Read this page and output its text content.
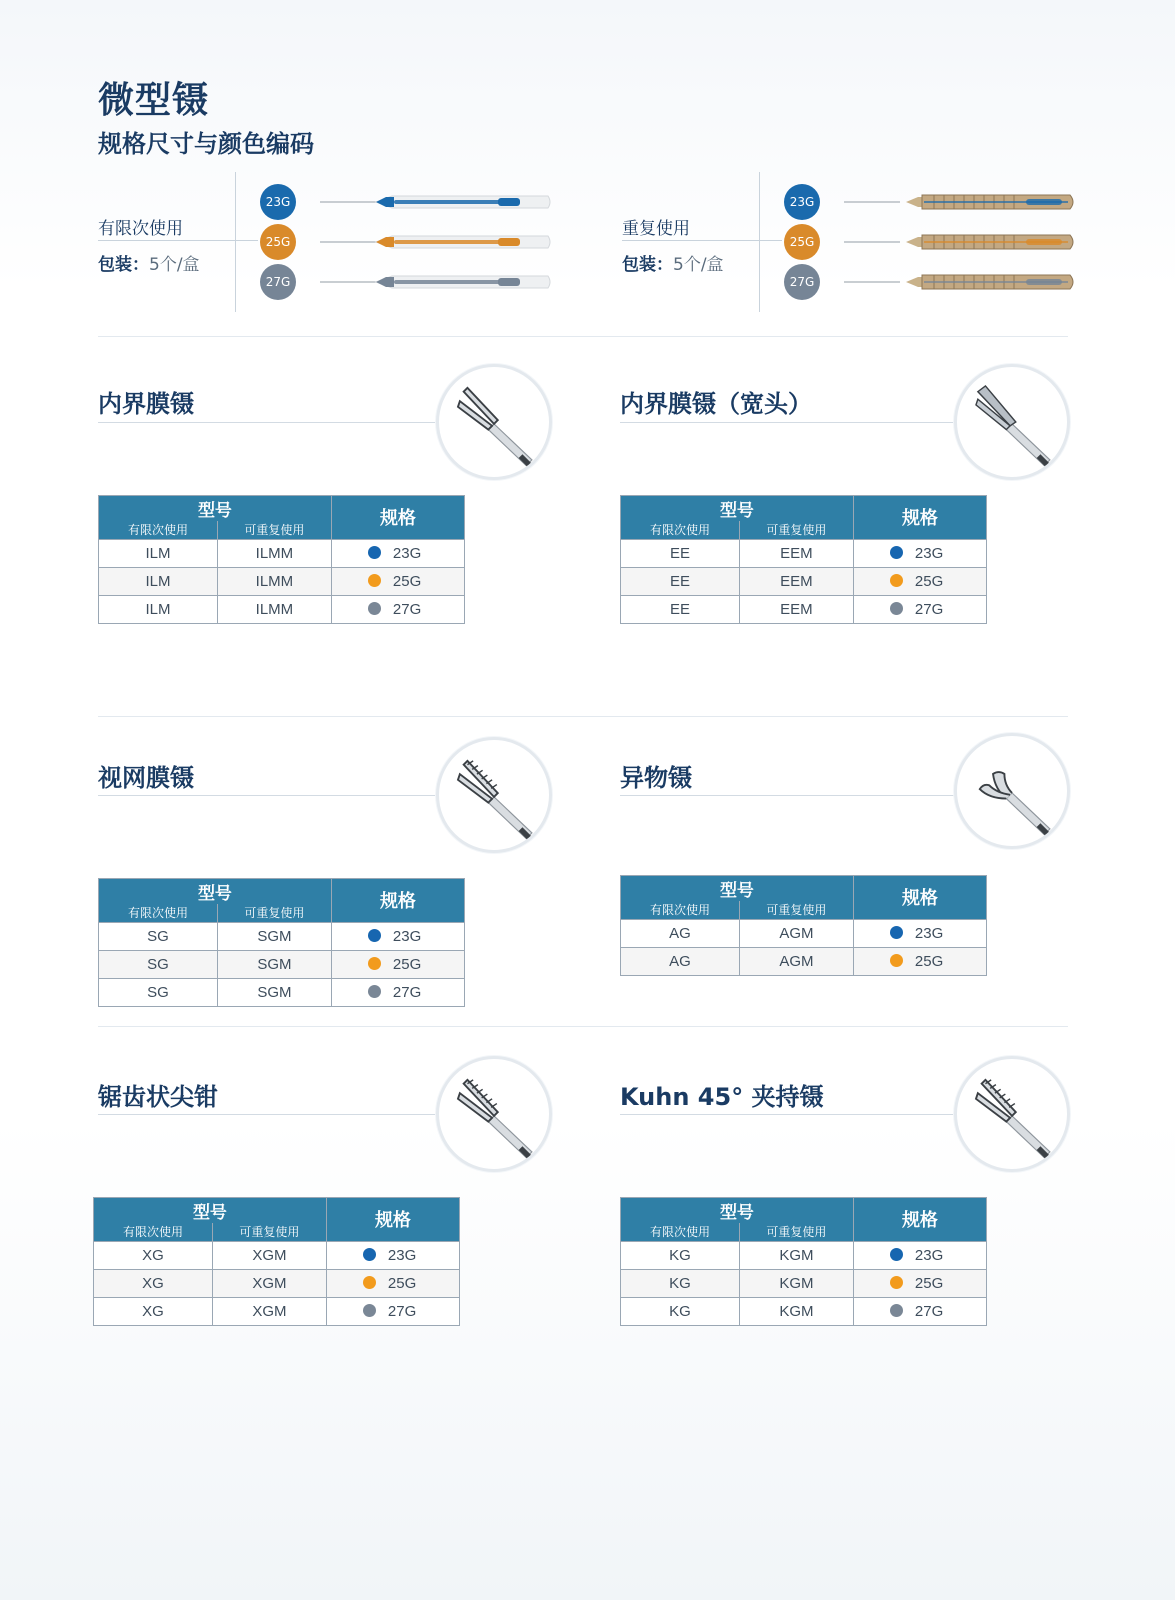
微型镊
规格尺寸与颜色编码
有限次使用
包装：5个/盒
23G
25G
27G
重复使用
包装：5个/盒
23G
25G
27G
内界膜镊
型号		规格
有限次使用	可重复使用	
ILM	ILMM	23G
ILM	ILMM	25G
ILM	ILMM	27G
内界膜镊（宽头）
型号		规格
有限次使用	可重复使用	
EE	EEM	23G
EE	EEM	25G
EE	EEM	27G
视网膜镊
型号		规格
有限次使用	可重复使用	
SG	SGM	23G
SG	SGM	25G
SG	SGM	27G
异物镊
型号		规格
有限次使用	可重复使用	
AG	AGM	23G
AG	AGM	25G
锯齿状尖钳
型号		规格
有限次使用	可重复使用	
XG	XGM	23G
XG	XGM	25G
XG	XGM	27G
Kuhn 45° 夹持镊
型号		规格
有限次使用	可重复使用	
KG	KGM	23G
KG	KGM	25G
KG	KGM	27G
